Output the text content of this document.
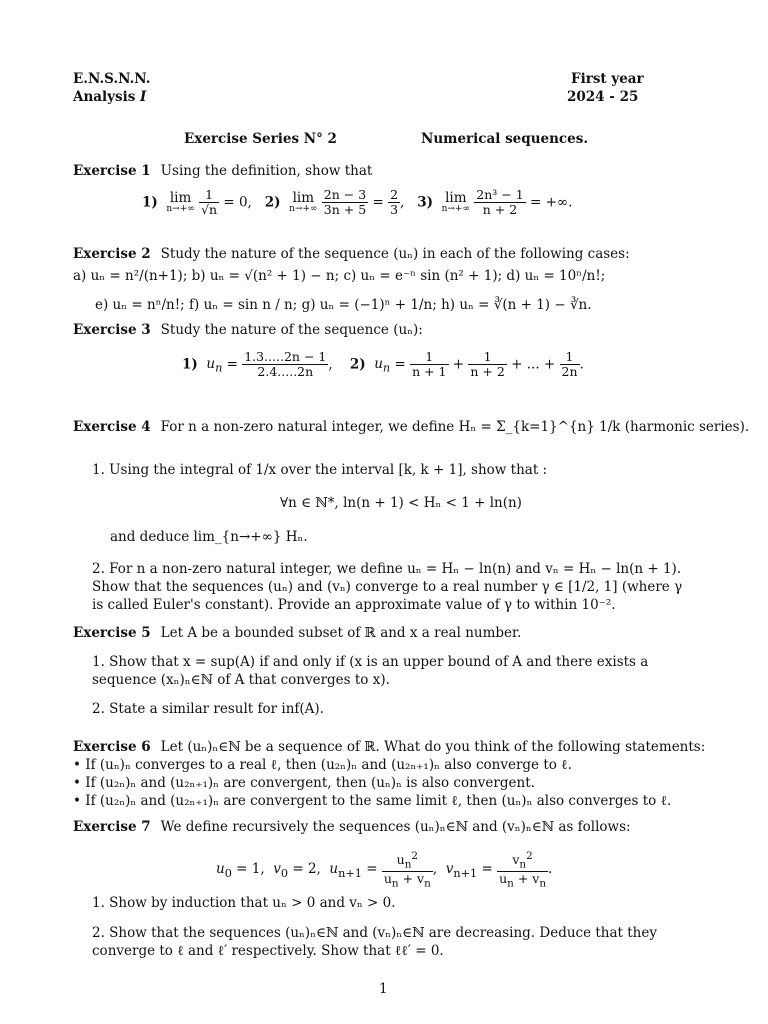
E.N.S.N.N.
Analysis I
First year
2024 - 25
Exercise Series N° 2	Numerical sequences.
Exercise 1 Using the definition, show that
1) lim
n→+∞
$\frac{1}{√n} = 0$,   2) lim
n→+∞
$\frac{2n - 3}{3n + 5} = \frac{2}{3}$ ,   3) lim
n→+∞
$\frac{\text{2n³ − 1}}{n + 2}$ = +∞.
Exercise 2 Study the nature of the sequence (uₙ) in each of the following cases:
a) uₙ = n²/(n+1); b) uₙ = √(n² + 1) − n; c) uₙ = e⁻ⁿ sin (n² + 1); d) uₙ = 10ⁿ/n!;
e) uₙ = nⁿ/n!; f) uₙ = sin n / n; g) uₙ = (−1)ⁿ + 1/n; h) uₙ = ∛(n + 1) − ∛n.
Exercise 3 Study the nature of the sequence (uₙ):
1) $u_n = \frac{1.3.....2n - 1}{2.4.....2n}$ ,    2) $u_n = \frac{1}{n + 1} + \frac{1}{n + 2}$ + ... + $\frac{1}{2n}$ .
Exercise 4 For n a non-zero natural integer, we define Hₙ = Σ_{k=1}^{n} 1/k (harmonic series).
1. Using the integral of 1/x over the interval [k, k + 1], show that :
∀n ∈ ℕ*, ln(n + 1) < Hₙ < 1 + ln(n)
and deduce lim_{n→+∞} Hₙ.
2. For n a non-zero natural integer, we define uₙ = Hₙ − ln(n) and vₙ = Hₙ − ln(n + 1). Show that the sequences (uₙ) and (vₙ) converge to a real number γ ∈ [1/2, 1] (where γ is called Euler's constant). Provide an approximate value of γ to within 10⁻².
Exercise 5 Let A be a bounded subset of ℝ and x a real number.
1. Show that x = sup(A) if and only if (x is an upper bound of A and there exists a sequence (xₙ)ₙ∈ℕ of A that converges to x).
2. State a similar result for inf(A).
Exercise 6 Let (uₙ)ₙ∈ℕ be a sequence of ℝ. What do you think of the following statements:
• If (uₙ)ₙ converges to a real ℓ, then (u₂ₙ)ₙ and (u₂ₙ₊₁)ₙ also converge to ℓ.
• If (u₂ₙ)ₙ and (u₂ₙ₊₁)ₙ are convergent, then (uₙ)ₙ is also convergent.
• If (u₂ₙ)ₙ and (u₂ₙ₊₁)ₙ are convergent to the same limit ℓ, then (uₙ)ₙ also converges to ℓ.
Exercise 7 We define recursively the sequences (uₙ)ₙ∈ℕ and (vₙ)ₙ∈ℕ as follows:
$u_0 = 1$,  $v_0 = 2$,  $u_{n+1} = \frac{u_n^2}{u_n + v_n}$ ,  $v_{n+1} = \frac{v_n^2}{u_n + v_n}$ .
1. Show by induction that uₙ > 0 and vₙ > 0.
2. Show that the sequences (uₙ)ₙ∈ℕ and (vₙ)ₙ∈ℕ are decreasing. Deduce that they converge to ℓ and ℓ′ respectively. Show that ℓℓ′ = 0.
1
